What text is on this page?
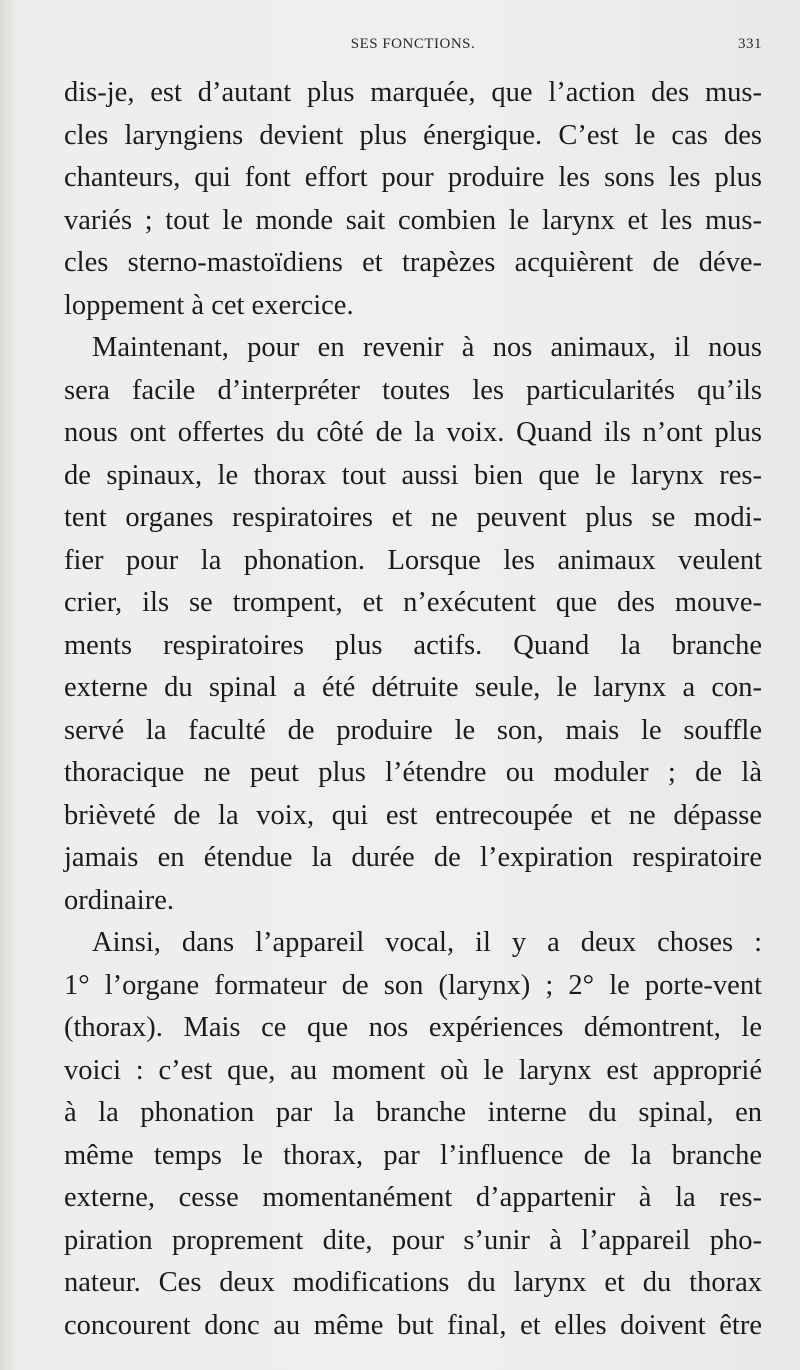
SES FONCTIONS.	331
dis-je, est d’autant plus marquée, que l’action des mus-
cles laryngiens devient plus énergique. C’est le cas des
chanteurs, qui font effort pour produire les sons les plus
variés ; tout le monde sait combien le larynx et les mus-
cles sterno-mastoïdiens et trapèzes acquièrent de déve-
loppement à cet exercice.
Maintenant, pour en revenir à nos animaux, il nous
sera facile d’interpréter toutes les particularités qu’ils
nous ont offertes du côté de la voix. Quand ils n’ont plus
de spinaux, le thorax tout aussi bien que le larynx res-
tent organes respiratoires et ne peuvent plus se modi-
fier pour la phonation. Lorsque les animaux veulent
crier, ils se trompent, et n’exécutent que des mouve-
ments respiratoires plus actifs. Quand la branche
externe du spinal a été détruite seule, le larynx a con-
servé la faculté de produire le son, mais le souffle
thoracique ne peut plus l’étendre ou moduler ; de là
brièveté de la voix, qui est entrecoupée et ne dépasse
jamais en étendue la durée de l’expiration respiratoire
ordinaire.
Ainsi, dans l’appareil vocal, il y a deux choses :
1° l’organe formateur de son (larynx) ; 2° le porte-vent
(thorax). Mais ce que nos expériences démontrent, le
voici : c’est que, au moment où le larynx est approprié
à la phonation par la branche interne du spinal, en
même temps le thorax, par l’influence de la branche
externe, cesse momentanément d’appartenir à la res-
piration proprement dite, pour s’unir à l’appareil pho-
nateur. Ces deux modifications du larynx et du thorax
concourent donc au même but final, et elles doivent être
